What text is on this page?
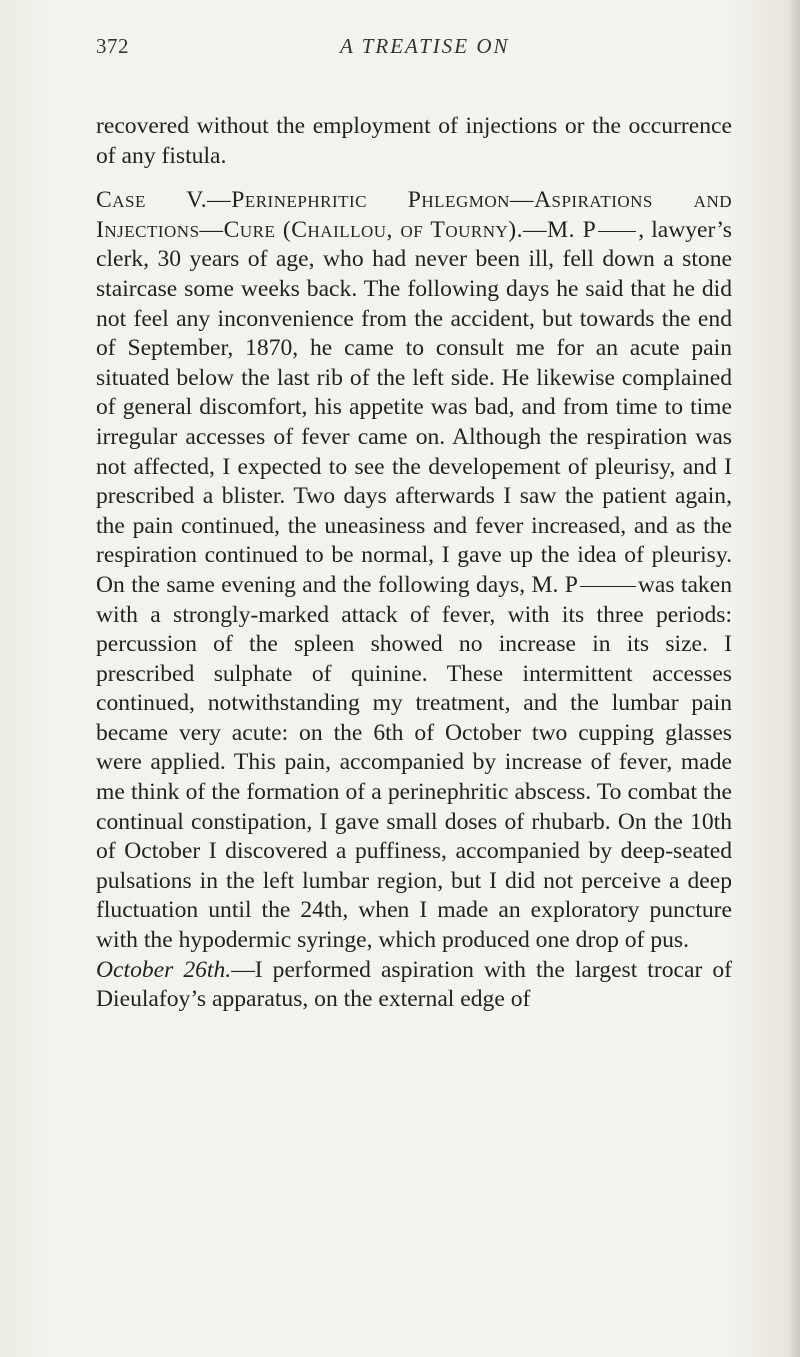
372	A TREATISE ON

recovered without the employment of injections or the occurrence of any fistula.

Case V.—Perinephritic Phlegmon—Aspirations and Injections—Cure (Chaillou, of Tourny).—M. P , lawyer’s clerk, 30 years of age, who had never been ill, fell down a stone staircase some weeks back. The following days he said that he did not feel any inconvenience from the accident, but towards the end of September, 1870, he came to consult me for an acute pain situated below the last rib of the left side. He likewise complained of general discomfort, his appetite was bad, and from time to time irregular accesses of fever came on. Although the respiration was not affected, I expected to see the developement of pleurisy, and I prescribed a blister. Two days afterwards I saw the patient again, the pain continued, the uneasiness and fever increased, and as the respiration continued to be normal, I gave up the idea of pleurisy. On the same evening and the following days, M. P	was taken with a strongly-marked attack of fever, with its three periods: percussion of the spleen showed no increase in its size. I prescribed sulphate of quinine. These intermittent accesses continued, notwithstanding my treatment, and the lumbar pain became very acute: on the 6th of October two cupping glasses were applied. This pain, accompanied by increase of fever, made me think of the formation of a perinephritic abscess. To combat the continual constipation, I gave small doses of rhubarb. On the 10th of October I discovered a puffiness, accompanied by deep-seated pulsations in the left lumbar region, but I did not perceive a deep fluctuation until the 24th, when I made an exploratory puncture with the hypodermic syringe, which produced one drop of pus.

October 26th.—I performed aspiration with the largest trocar of Dieulafoy’s apparatus, on the external edge of
